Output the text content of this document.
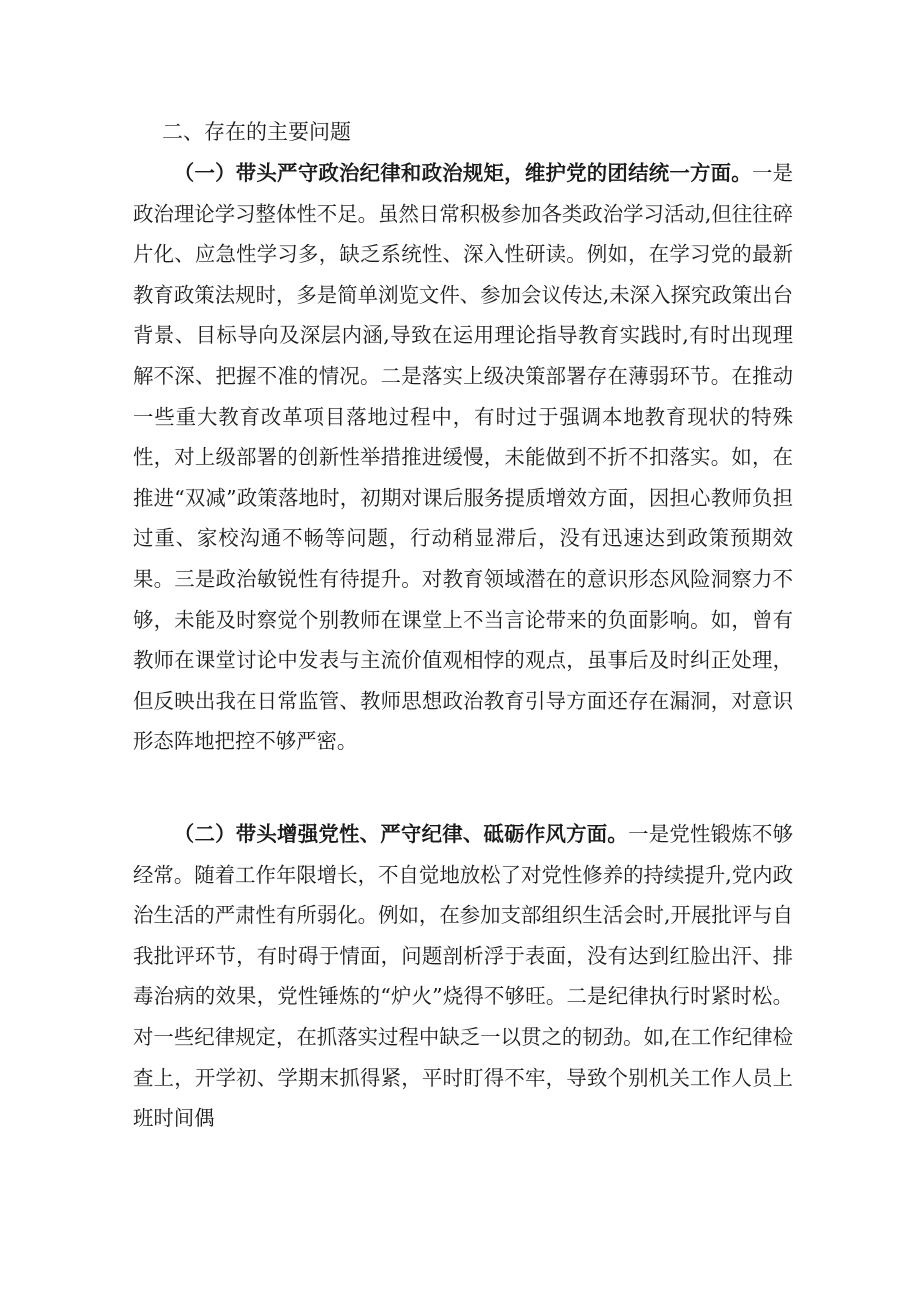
二、存在的主要问题

（一）带头严守政治纪律和政治规矩，维护党的团结统一方面。一是政治理论学习整体性不足。虽然日常积极参加各类政治学习活动,但往往碎片化、应急性学习多，缺乏系统性、深入性研读。例如，在学习党的最新教育政策法规时，多是简单浏览文件、参加会议传达,未深入探究政策出台背景、目标导向及深层内涵,导致在运用理论指导教育实践时,有时出现理解不深、把握不准的情况。二是落实上级决策部署存在薄弱环节。在推动一些重大教育改革项目落地过程中，有时过于强调本地教育现状的特殊性，对上级部署的创新性举措推进缓慢，未能做到不折不扣落实。如，在推进“双减”政策落地时，初期对课后服务提质增效方面，因担心教师负担过重、家校沟通不畅等问题，行动稍显滞后，没有迅速达到政策预期效果。三是政治敏锐性有待提升。对教育领域潜在的意识形态风险洞察力不够，未能及时察觉个别教师在课堂上不当言论带来的负面影响。如，曾有教师在课堂讨论中发表与主流价值观相悖的观点，虽事后及时纠正处理，但反映出我在日常监管、教师思想政治教育引导方面还存在漏洞，对意识形态阵地把控不够严密。

（二）带头增强党性、严守纪律、砥砺作风方面。一是党性锻炼不够经常。随着工作年限增长，不自觉地放松了对党性修养的持续提升,党内政治生活的严肃性有所弱化。例如，在参加支部组织生活会时,开展批评与自我批评环节，有时碍于情面，问题剖析浮于表面，没有达到红脸出汗、排毒治病的效果，党性锤炼的“炉火”烧得不够旺。二是纪律执行时紧时松。对一些纪律规定，在抓落实过程中缺乏一以贯之的韧劲。如,在工作纪律检查上，开学初、学期末抓得紧，平时盯得不牢，导致个别机关工作人员上班时间偶
